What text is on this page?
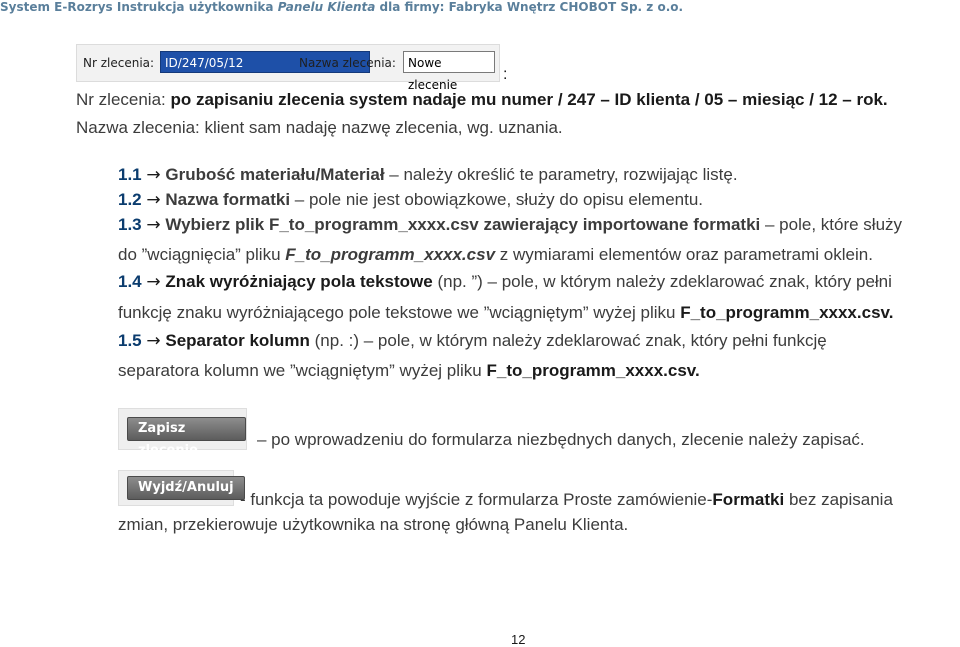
System E-Rozrys Instrukcja użytkownika Panelu Klienta dla firmy: Fabryka Wnętrz CHOBOT Sp. z o.o.
Nr zlecenia: ID/247/05/12	Nazwa zlecenia:	Nowe zlecenie
:
Nr zlecenia: po zapisaniu zlecenia system nadaje mu numer / 247 – ID klienta / 05 – miesiąc / 12 – rok.
Nazwa zlecenia: klient sam nadaję nazwę zlecenia, wg. uznania.
1.1 → Grubość materiału/Materiał – należy określić te parametry, rozwijając listę.
1.2 → Nazwa formatki – pole nie jest obowiązkowe, służy do opisu elementu.
1.3 → Wybierz plik F_to_programm_xxxx.csv zawierający importowane formatki – pole, które służy
do ”wciągnięcia” pliku F_to_programm_xxxx.csv z wymiarami elementów oraz parametrami oklein.
1.4 → Znak wyróżniający pola tekstowe (np. ”) – pole, w którym należy zdeklarować znak, który pełni
funkcję znaku wyróżniającego pole tekstowe we ”wciągniętym” wyżej pliku F_to_programm_xxxx.csv.
1.5 → Separator kolumn (np. :) – pole, w którym należy zdeklarować znak, który pełni funkcję
separatora kolumn we ”wciągniętym” wyżej pliku F_to_programm_xxxx.csv.
Zapisz zlecenie
– po wprowadzeniu do formularza niezbędnych danych, zlecenie należy zapisać.
Wyjdź/Anuluj
- funkcja ta powoduje wyjście z formularza Proste zamówienie-Formatki bez zapisania
zmian, przekierowuje użytkownika na stronę główną Panelu Klienta.
12
